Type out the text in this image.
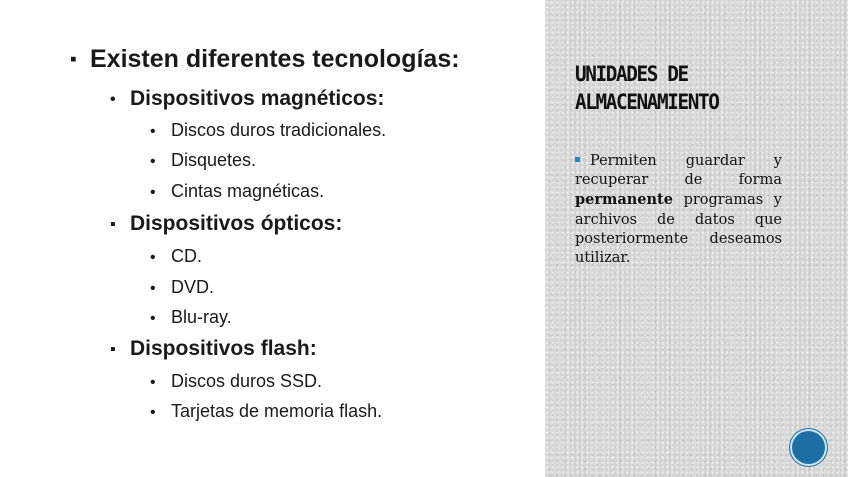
▪ Existen diferentes tecnologías:
• Dispositivos magnéticos:
• Discos duros tradicionales.
• Disquetes.
• Cintas magnéticas.
▪ Dispositivos ópticos:
• CD.
• DVD.
• Blu-ray.
▪ Dispositivos flash:
• Discos duros SSD.
• Tarjetas de memoria flash.
UNIDADES DE
ALMACENAMIENTO
Permiten guardar y recuperar de forma permanente programas y archivos de datos que posteriormente deseamos utilizar.
